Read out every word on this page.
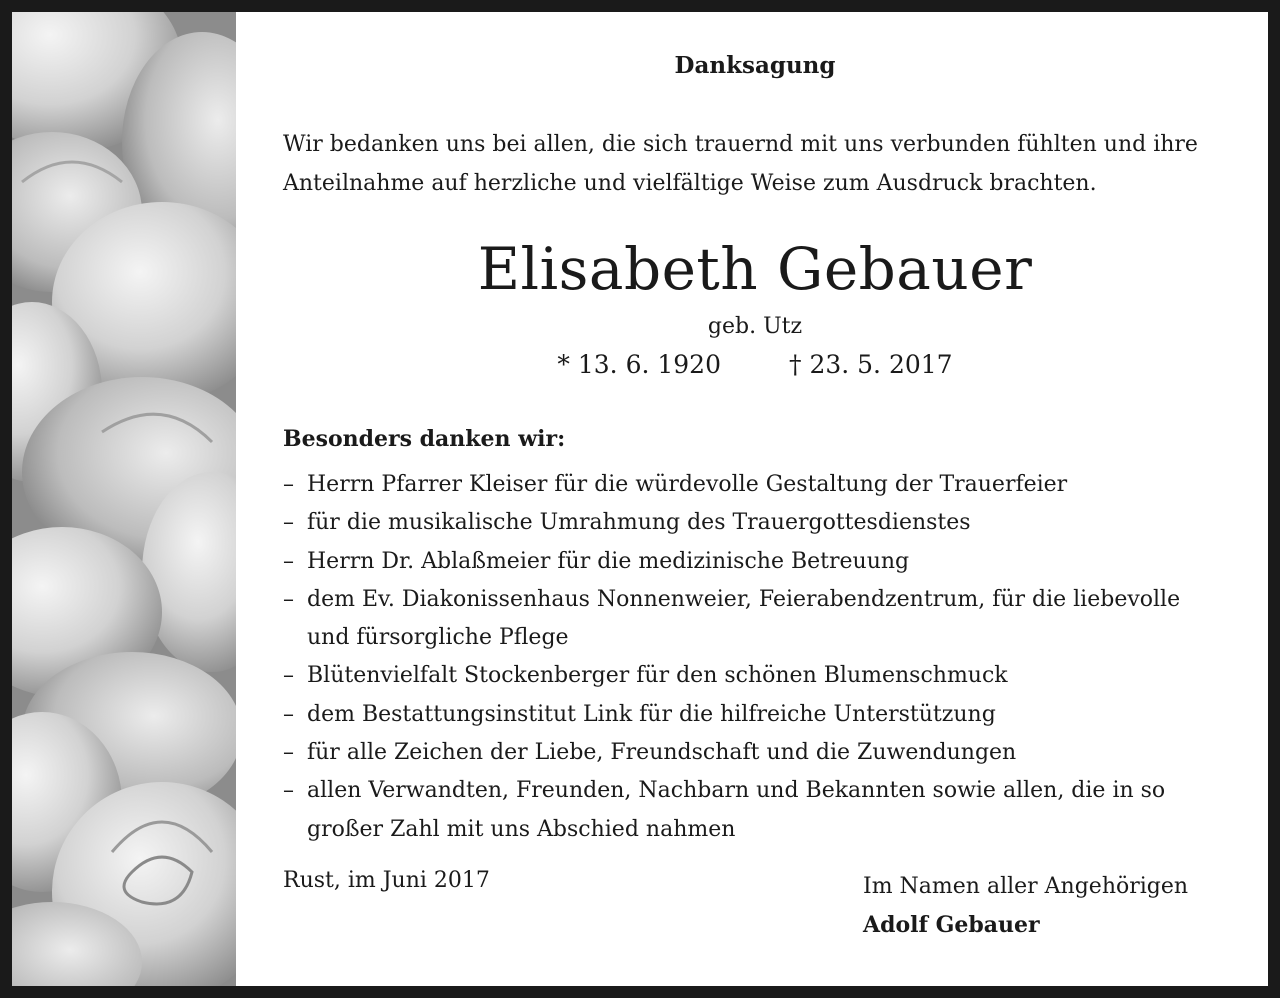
Danksagung
Wir bedanken uns bei allen, die sich trauernd mit uns verbunden fühlten und ihre Anteilnahme auf herzliche und vielfältige Weise zum Ausdruck brachten.
Elisabeth Gebauer
geb. Utz
* 13. 6. 1920	† 23. 5. 2017
Besonders danken wir:
– Herrn Pfarrer Kleiser für die würdevolle Gestaltung der Trauerfeier
– für die musikalische Umrahmung des Trauergottesdienstes
– Herrn Dr. Ablaßmeier für die medizinische Betreuung
– dem Ev. Diakonissenhaus Nonnenweier, Feierabendzentrum, für die liebevolle und fürsorgliche Pflege
– Blütenvielfalt Stockenberger für den schönen Blumenschmuck
– dem Bestattungsinstitut Link für die hilfreiche Unterstützung
– für alle Zeichen der Liebe, Freundschaft und die Zuwendungen
– allen Verwandten, Freunden, Nachbarn und Bekannten sowie allen, die in so großer Zahl mit uns Abschied nahmen
Rust, im Juni 2017	Im Namen aller Angehörigen
Adolf Gebauer
